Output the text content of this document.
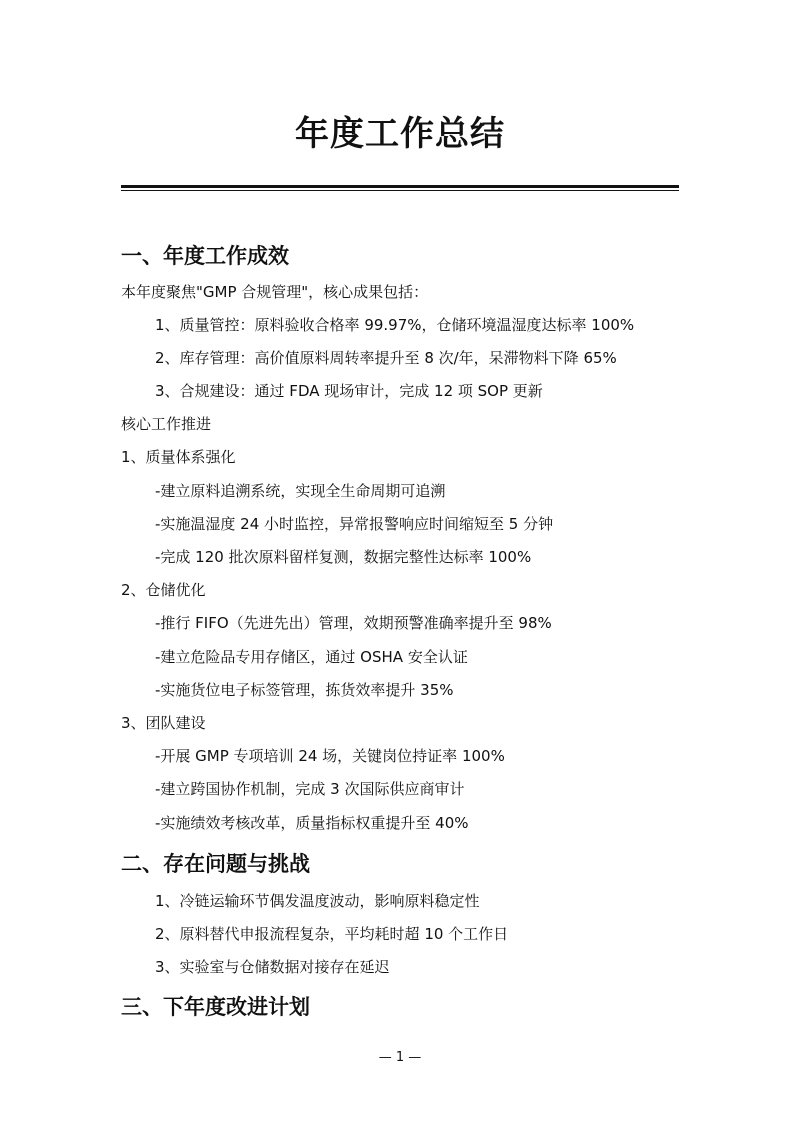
年度工作总结
一、年度工作成效
本年度聚焦"GMP 合规管理"，核心成果包括：
1、质量管控：原料验收合格率 99.97%，仓储环境温湿度达标率 100%
2、库存管理：高价值原料周转率提升至 8 次/年，呆滞物料下降 65%
3、合规建设：通过 FDA 现场审计，完成 12 项 SOP 更新
核心工作推进
1、质量体系强化
-建立原料追溯系统，实现全生命周期可追溯
-实施温湿度 24 小时监控，异常报警响应时间缩短至 5 分钟
-完成 120 批次原料留样复测，数据完整性达标率 100%
2、仓储优化
-推行 FIFO（先进先出）管理，效期预警准确率提升至 98%
-建立危险品专用存储区，通过 OSHA 安全认证
-实施货位电子标签管理，拣货效率提升 35%
3、团队建设
-开展 GMP 专项培训 24 场，关键岗位持证率 100%
-建立跨国协作机制，完成 3 次国际供应商审计
-实施绩效考核改革，质量指标权重提升至 40%
二、存在问题与挑战
1、冷链运输环节偶发温度波动，影响原料稳定性
2、原料替代申报流程复杂，平均耗时超 10 个工作日
3、实验室与仓储数据对接存在延迟
三、下年度改进计划
— 1 —
